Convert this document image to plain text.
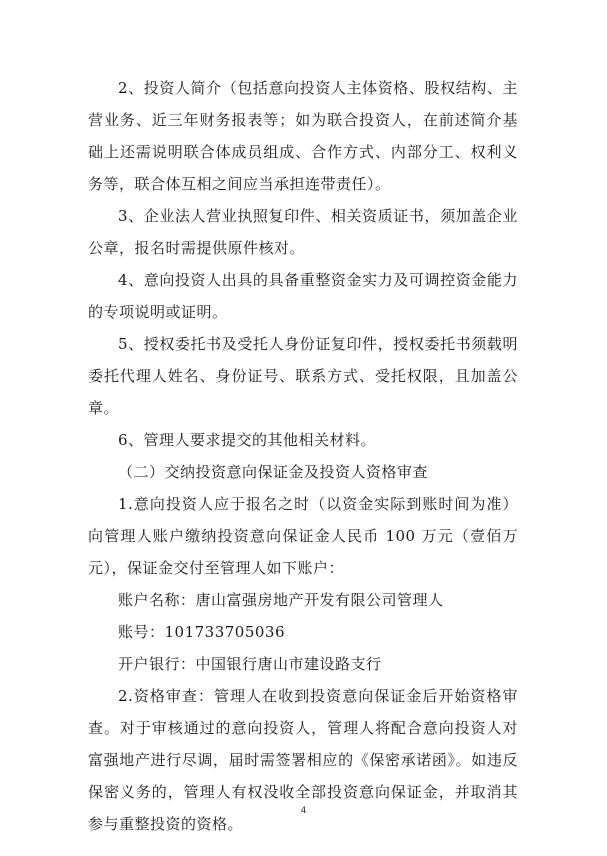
2、投资人简介（包括意向投资人主体资格、股权结构、主营业务、近三年财务报表等；如为联合投资人，在前述简介基础上还需说明联合体成员组成、合作方式、内部分工、权利义务等，联合体互相之间应当承担连带责任）。

3、企业法人营业执照复印件、相关资质证书，须加盖企业公章，报名时需提供原件核对。

4、意向投资人出具的具备重整资金实力及可调控资金能力的专项说明或证明。

5、授权委托书及受托人身份证复印件，授权委托书须载明委托代理人姓名、身份证号、联系方式、受托权限，且加盖公章。

6、管理人要求提交的其他相关材料。

（二）交纳投资意向保证金及投资人资格审查

1.意向投资人应于报名之时（以资金实际到账时间为准）向管理人账户缴纳投资意向保证金人民币 100 万元（壹佰万元），保证金交付至管理人如下账户：

账户名称：唐山富强房地产开发有限公司管理人

账号：101733705036

开户银行：中国银行唐山市建设路支行

2.资格审查：管理人在收到投资意向保证金后开始资格审查。对于审核通过的意向投资人，管理人将配合意向投资人对富强地产进行尽调，届时需签署相应的《保密承诺函》。如违反保密义务的，管理人有权没收全部投资意向保证金，并取消其参与重整投资的资格。

4
